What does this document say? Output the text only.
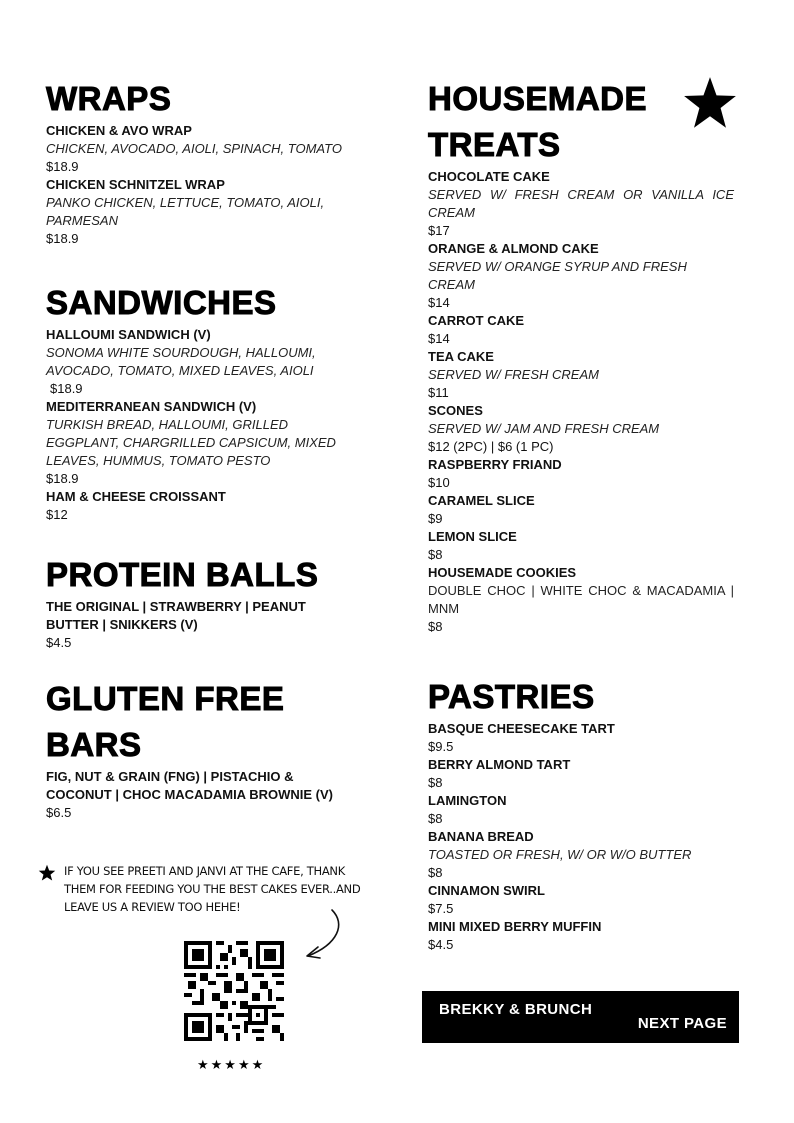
WRAPS
CHICKEN & AVO WRAP
CHICKEN, AVOCADO, AIOLI, SPINACH, TOMATO
$18.9
CHICKEN SCHNITZEL WRAP
PANKO CHICKEN, LETTUCE, TOMATO, AIOLI, PARMESAN
$18.9
SANDWICHES
HALLOUMI SANDWICH (V)
SONOMA WHITE SOURDOUGH, HALLOUMI, AVOCADO, TOMATO, MIXED LEAVES, AIOLI
$18.9
MEDITERRANEAN SANDWICH (V)
TURKISH BREAD, HALLOUMI, GRILLED EGGPLANT, CHARGRILLED CAPSICUM, MIXED LEAVES, HUMMUS, TOMATO PESTO
$18.9
HAM & CHEESE CROISSANT
$12
PROTEIN BALLS
THE ORIGINAL | STRAWBERRY | PEANUT BUTTER | SNIKKERS (V)
$4.5
GLUTEN FREE
BARS
FIG, NUT & GRAIN (FNG) | PISTACHIO & COCONUT | CHOC MACADAMIA BROWNIE (V)
$6.5
IF YOU SEE PREETI AND JANVI AT THE CAFE, THANK THEM FOR FEEDING YOU THE BEST CAKES EVER..AND LEAVE US A REVIEW TOO HEHE!
★★★★★
HOUSEMADE
TREATS
CHOCOLATE CAKE
SERVED W/ FRESH CREAM OR VANILLA ICE CREAM
$17
ORANGE & ALMOND CAKE
SERVED W/ ORANGE SYRUP AND FRESH CREAM
$14
CARROT CAKE
$14
TEA CAKE
SERVED W/ FRESH CREAM
$11
SCONES
SERVED W/ JAM AND FRESH CREAM
$12 (2PC) | $6 (1 PC)
RASPBERRY FRIAND
$10
CARAMEL SLICE
$9
LEMON SLICE
$8
HOUSEMADE COOKIES
DOUBLE CHOC | WHITE CHOC & MACADAMIA | MNM
$8
PASTRIES
BASQUE CHEESECAKE TART
$9.5
BERRY ALMOND TART
$8
LAMINGTON
$8
BANANA BREAD
TOASTED OR FRESH, W/ OR W/O BUTTER
$8
CINNAMON SWIRL
$7.5
MINI MIXED BERRY MUFFIN
$4.5
BREKKY & BRUNCH
NEXT PAGE
